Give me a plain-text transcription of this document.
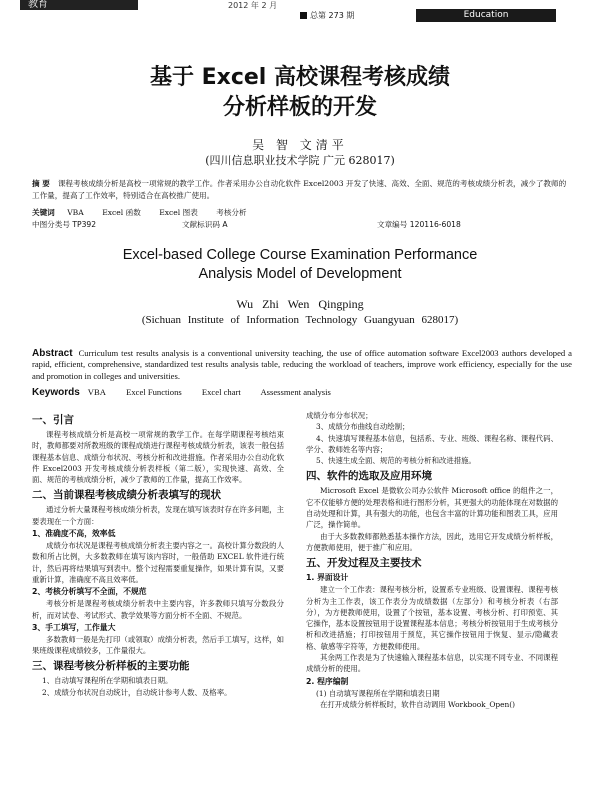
教育	2012 年 2 月
总第 273 期	Education
基于 Excel 高校课程考核成绩
分析样板的开发
吴 智 文清平
(四川信息职业技术学院 广元 628017)
摘 要 课程考核成绩分析是高校一项常规的教学工作。作者采用办公自动化软件 Excel2003 开发了快速、高效、全面、规范的考核成绩分析表，减少了教师的工作量，提高了工作效率，特别适合在高校推广使用。
关键词 VBA Excel 函数 Excel 图表 考核分析
中图分类号 TP392	文献标识码 A	文章编号 120116-6018
Excel-based College Course Examination Performance
Analysis Model of Development
Wu Zhi Wen Qingping
(Sichuan Institute of Information Technology Guangyuan 628017)
Abstract Curriculum test results analysis is a conventional university teaching, the use of office automation software Excel2003 authors developed a rapid, efficient, comprehensive, standardized test results analysis table, reducing the workload of teachers, improve work efficiency, especially for the use and promotion in colleges and universities.
Keywords VBA Excel Functions Excel chart Assessment analysis
一、引言

课程考核成绩分析是高校一项常规的教学工作。在每学期课程考核结束时，教师都要对所教班级的课程成绩进行课程考核成绩分析表，该表一般包括课程基本信息、成绩分布状况、考核分析和改进措施。作者采用办公自动化软件 Excel2003 开发考核成绩分析表样板（第二版），实现快速、高效、全面、规范的考核成绩分析，减少了教师的工作量，提高工作效率。

二、当前课程考核成绩分析表填写的现状

通过分析大量课程考核成绩分析表，发现在填写该表时存在许多问题，主要表现在一个方面：

1、准确度不高，效率低

成绩分布状况是课程考核成绩分析表主要内容之一。高校计算分数段的人数和所占比例，大多数教师在填写该内容时，一般借助 EXCEL 软件进行统计，然后再将结果填写到表中。整个过程需要重复操作，如果计算有误，又要重新计算，准确度不高且效率低。

2、考核分析填写不全面，不规范

考核分析是课程考核成绩分析表中主要内容，许多教师只填写分数段分析，而对试卷、考试形式、教学效果等方面分析不全面、不规范。

3、手工填写，工作量大

多数教师一般是先打印（或领取）成绩分析表，然后手工填写，这样，如果班级课程成绩较多，工作量很大。

三、课程考核分析样板的主要功能

1、自动填写课程所在学期和填表日期。

2、成绩分布状况自动统计，自动统计参考人数、及格率。

成绩分布分布状况；

3、成绩分布曲线自动绘制；

4、快速填写课程基本信息，包括系、专业、班级、课程名称、课程代码、学分、教师姓名等内容；

5、快速生成全面、规范的考核分析和改进措施。

四、软件的选取及应用环境

Microsoft Excel 是微软公司办公软件 Microsoft office 的组件之一，它不仅能够方便的处理表格和进行图形分析，其更强大的功能体现在对数据的自动处理和计算，具有强大的功能，也包含丰富的计算功能和图表工具，应用广泛，操作简单。

由于大多数教师都熟悉基本操作方法，因此，选用它开发成绩分析样板，方便教师使用，便于推广和应用。

五、开发过程及主要技术
1. 界面设计

建立一个工作表：课程考核分析，设置系专业班级、设置课程、课程考核分析为主工作表，该工作表分为成绩数据（左部分）和考核分析表（右部分），为方便教师使用，设置了个按钮，基本设置、考核分析、打印预览、其它操作，基本设置按钮用于设置课程基本信息；考核分析按钮用于生成考核分析和改进措施；打印按钮用于预览，其它操作按钮用于恢复、显示/隐藏表格、敏感等字符等，方便教师使用。

其余两工作表是为了快速输入课程基本信息，以实现不同专业、不同课程成绩分析的使用。

2. 程序编制

(1) 自动填写课程所在学期和填表日期

在打开成绩分析样板时，软件自动调用 Workbook_Open()
